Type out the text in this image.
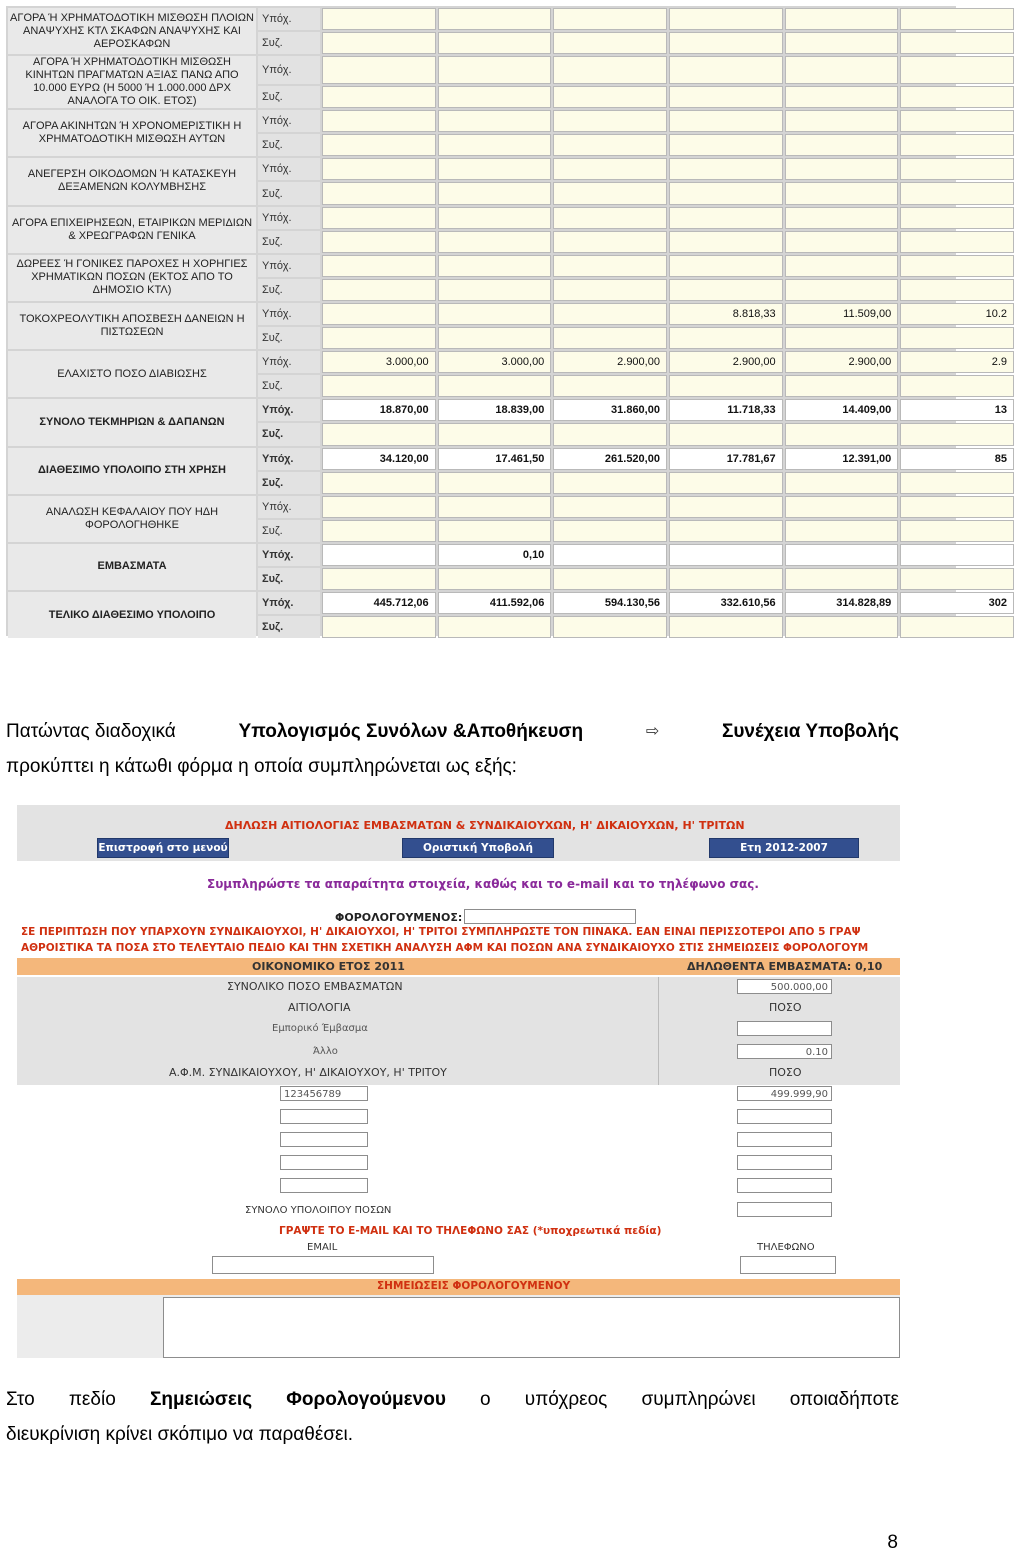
ΑΓΟΡΑ Ή ΧΡΗΜΑΤΟΔΟΤΙΚΗ ΜΙΣΘΩΣΗ ΠΛΟΙΩΝ ΑΝΑΨΥΧΗΣ ΚΤΛ ΣΚΑΦΩΝ ΑΝΑΨΥΧΗΣ ΚΑΙ ΑΕΡΟΣΚΑΦΩΝ	Υπόχ.						

	Συζ.						
ΑΓΟΡΑ Ή ΧΡΗΜΑΤΟΔΟΤΙΚΗ ΜΙΣΘΩΣΗ ΚΙΝΗΤΩΝ ΠΡΑΓΜΑΤΩΝ ΑΞΙΑΣ ΠΑΝΩ ΑΠΟ 10.000 ΕΥΡΩ (Η 5000 Ή 1.000.000 ΔΡΧ ΑΝΑΛΟΓΑ ΤΟ ΟΙΚ. ΕΤΟΣ)	Υπόχ.						

	Συζ.						
ΑΓΟΡΑ ΑΚΙΝΗΤΩΝ Ή ΧΡΟΝΟΜΕΡΙΣΤΙΚΗ Η ΧΡΗΜΑΤΟΔΟΤΙΚΗ ΜΙΣΘΩΣΗ ΑΥΤΩΝ	Υπόχ.						
	Συζ.						
ΑΝΕΓΕΡΣΗ ΟΙΚΟΔΟΜΩΝ Ή ΚΑΤΑΣΚΕΥΗ ΔΕΞΑΜΕΝΩΝ ΚΟΛΥΜΒΗΣΗΣ	Υπόχ.						
	Συζ.						
ΑΓΟΡΑ ΕΠΙΧΕΙΡΗΣΕΩΝ, ΕΤΑΙΡΙΚΩΝ ΜΕΡΙΔΙΩΝ & ΧΡΕΩΓΡΑΦΩΝ ΓΕΝΙΚΑ	Υπόχ.						
	Συζ.						
ΔΩΡΕΕΣ Ή ΓΟΝΙΚΕΣ ΠΑΡΟΧΕΣ Η ΧΟΡΗΓΙΕΣ ΧΡΗΜΑΤΙΚΩΝ ΠΟΣΩΝ (ΕΚΤΟΣ ΑΠΟ ΤΟ ΔΗΜΟΣΙΟ ΚΤΛ)	Υπόχ.						

	Συζ.						
ΤΟΚΟΧΡΕΟΛΥΤΙΚΗ ΑΠΟΣΒΕΣΗ ΔΑΝΕΙΩΝ Η ΠΙΣΤΩΣΕΩΝ	Υπόχ.				8.818,33	11.509,00	10.2
	Συζ.						
ΕΛΑΧΙΣΤΟ ΠΟΣΟ ΔΙΑΒΙΩΣΗΣ	Υπόχ.	3.000,00	3.000,00	2.900,00	2.900,00	2.900,00	2.9
	Συζ.						
ΣΥΝΟΛΟ ΤΕΚΜΗΡΙΩΝ & ΔΑΠΑΝΩΝ	Υπόχ.	18.870,00	18.839,00	31.860,00	11.718,33	14.409,00	13
	Συζ.						
ΔΙΑΘΕΣΙΜΟ ΥΠΟΛΟΙΠΟ ΣΤΗ ΧΡΗΣΗ	Υπόχ.	34.120,00	17.461,50	261.520,00	17.781,67	12.391,00	85
	Συζ.						
ΑΝΑΛΩΣΗ ΚΕΦΑΛΑΙΟΥ ΠΟΥ ΗΔΗ ΦΟΡΟΛΟΓΗΘΗΚΕ	Υπόχ.						
	Συζ.						
ΕΜΒΑΣΜΑΤΑ	Υπόχ.		0,10				
	Συζ.						
ΤΕΛΙΚΟ ΔΙΑΘΕΣΙΜΟ ΥΠΟΛΟΙΠΟ	Υπόχ.	445.712,06	411.592,06	594.130,56	332.610,56	314.828,89	302
	Συζ.						
Πατώντας διαδοχικά	Υπολογισμός Συνόλων &Αποθήκευση	⇨	Συνέχεια Υποβολής
προκύπτει η κάτωθι φόρμα η οποία συμπληρώνεται ως εξής:
ΔΗΛΩΣΗ ΑΙΤΙΟΛΟΓΙΑΣ ΕΜΒΑΣΜΑΤΩΝ & ΣΥΝΔΙΚΑΙΟΥΧΩΝ, Η' ΔΙΚΑΙΟΥΧΩΝ, Η' ΤΡΙΤΩΝ
Επιστροφή στο μενού	Οριστική Υποβολή	Ετη 2012-2007
Συμπληρώστε τα απαραίτητα στοιχεία, καθώς και το e-mail και το τηλέφωνο σας.
ΦΟΡΟΛΟΓΟΥΜΕΝΟΣ:
ΣΕ ΠΕΡΙΠΤΩΣΗ ΠΟΥ ΥΠΑΡΧΟΥΝ ΣΥΝΔΙΚΑΙΟΥΧΟΙ, Η' ΔΙΚΑΙΟΥΧΟΙ, Η' ΤΡΙΤΟΙ ΣΥΜΠΛΗΡΩΣΤΕ ΤΟΝ ΠΙΝΑΚΑ. ΕΑΝ ΕΙΝΑΙ ΠΕΡΙΣΣΟΤΕΡΟΙ ΑΠΟ 5 ΓΡΑΨ
ΑΘΡΟΙΣΤΙΚΑ ΤΑ ΠΟΣΑ ΣΤΟ ΤΕΛΕΥΤΑΙΟ ΠΕΔΙΟ ΚΑΙ ΤΗΝ ΣΧΕΤΙΚΗ ΑΝΑΛΥΣΗ ΑΦΜ ΚΑΙ ΠΟΣΩΝ ΑΝΑ ΣΥΝΔΙΚΑΙΟΥΧΟ ΣΤΙΣ ΣΗΜΕΙΩΣΕΙΣ ΦΟΡΟΛΟΓΟΥΜ
ΟΙΚΟΝΟΜΙΚΟ ΕΤΟΣ 2011	ΔΗΛΩΘΕΝΤΑ ΕΜΒΑΣΜΑΤΑ: 0,10
ΣΥΝΟΛΙΚΟ ΠΟΣΟ ΕΜΒΑΣΜΑΤΩΝ	500.000,00
ΑΙΤΙΟΛΟΓΙΑ	ΠΟΣΟ
Εμπορικό Έμβασμα
Άλλο	0.10
Α.Φ.Μ. ΣΥΝΔΙΚΑΙΟΥΧΟΥ, Η' ΔΙΚΑΙΟΥΧΟΥ, Η' ΤΡΙΤΟΥ	ΠΟΣΟ
123456789	499.999,90
ΣΥΝΟΛΟ ΥΠΟΛΟΙΠΟΥ ΠΟΣΩΝ
ΓΡΑΨΤΕ ΤΟ E-MAIL ΚΑΙ ΤΟ ΤΗΛΕΦΩΝΟ ΣΑΣ (*υποχρεωτικά πεδία)
EMAIL	ΤΗΛΕΦΩΝΟ
ΣΗΜΕΙΩΣΕΙΣ ΦΟΡΟΛΟΓΟΥΜΕΝΟΥ
Στο πεδίο Σημειώσεις Φορολογούμενου ο υπόχρεος συμπληρώνει οποιαδήποτε
διευκρίνιση κρίνει σκόπιμο να παραθέσει.
8
